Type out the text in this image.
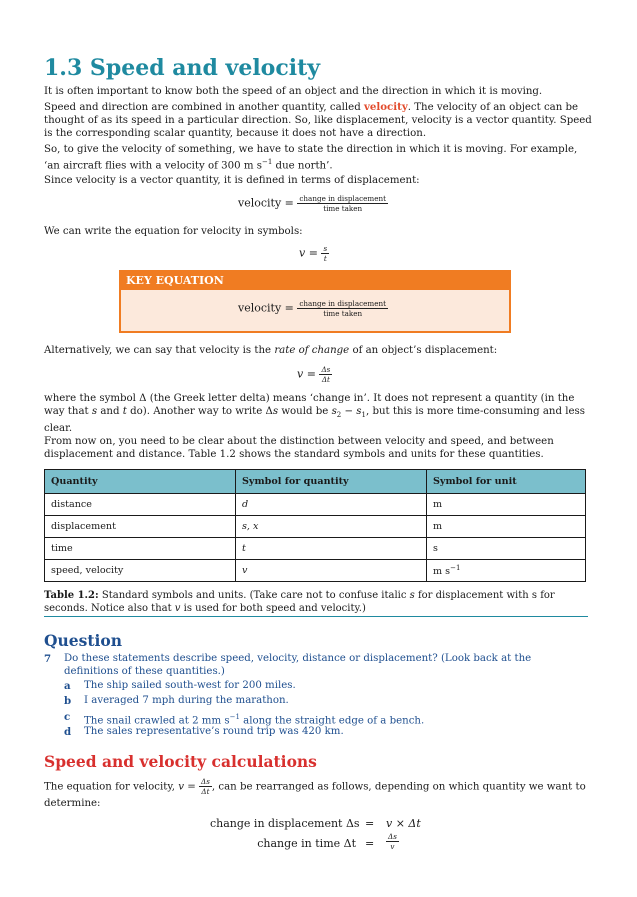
1.3 Speed and velocity
It is often important to know both the speed of an object and the direction in which it is moving.
Speed and direction are combined in another quantity, called velocity. The velocity of an object can be thought of as its speed in a particular direction. So, like displacement, velocity is a vector quantity. Speed is the corresponding scalar quantity, because it does not have a direction.
So, to give the velocity of something, we have to state the direction in which it is moving. For example, ‘an aircraft flies with a velocity of 300 m $s^{-1}$ due north’.
Since velocity is a vector quantity, it is defined in terms of displacement:
velocity = $\frac{\text{change in displacement}}{\text{time taken}}$
We can write the equation for velocity in symbols:
$v = \frac{s}{t}$
KEY EQUATION
velocity = $\frac{\text{change in displacement}}{\text{time taken}}$
Alternatively, we can say that velocity is the rate of change of an object’s displacement:
$v = \frac{\Delta s}{\Delta t}$
where the symbol Δ (the Greek letter delta) means ‘change in’. It does not represent a quantity (in the way that s and t do). Another way to write Δs would be $s_2 - s_1$, but this is more time-consuming and less clear.
From now on, you need to be clear about the distinction between velocity and speed, and between displacement and distance. Table 1.2 shows the standard symbols and units for these quantities.
Quantity	Symbol for quantity	Symbol for unit
distance	d	m
displacement	s, x	m
time	t	s
speed, velocity	v	m $s^{-1}$
Table 1.2: Standard symbols and units. (Take care not to confuse italic s for displacement with s for seconds. Notice also that v is used for both speed and velocity.)
Question
7 Do these statements describe speed, velocity, distance or displacement? (Look back at the definitions of these quantities.)
a The ship sailed south-west for 200 miles.
b I averaged 7 mph during the marathon.
c The snail crawled at 2 mm $s^{-1}$ along the straight edge of a bench.
d The sales representative’s round trip was 420 km.
Speed and velocity calculations
The equation for velocity, $v = \frac{\Delta s}{\Delta t}$ , can be rearranged as follows, depending on which quantity we want to determine:
change in displacement Δs = v × Δt
change in time $\Delta t = \frac{\Delta s}{v}$
